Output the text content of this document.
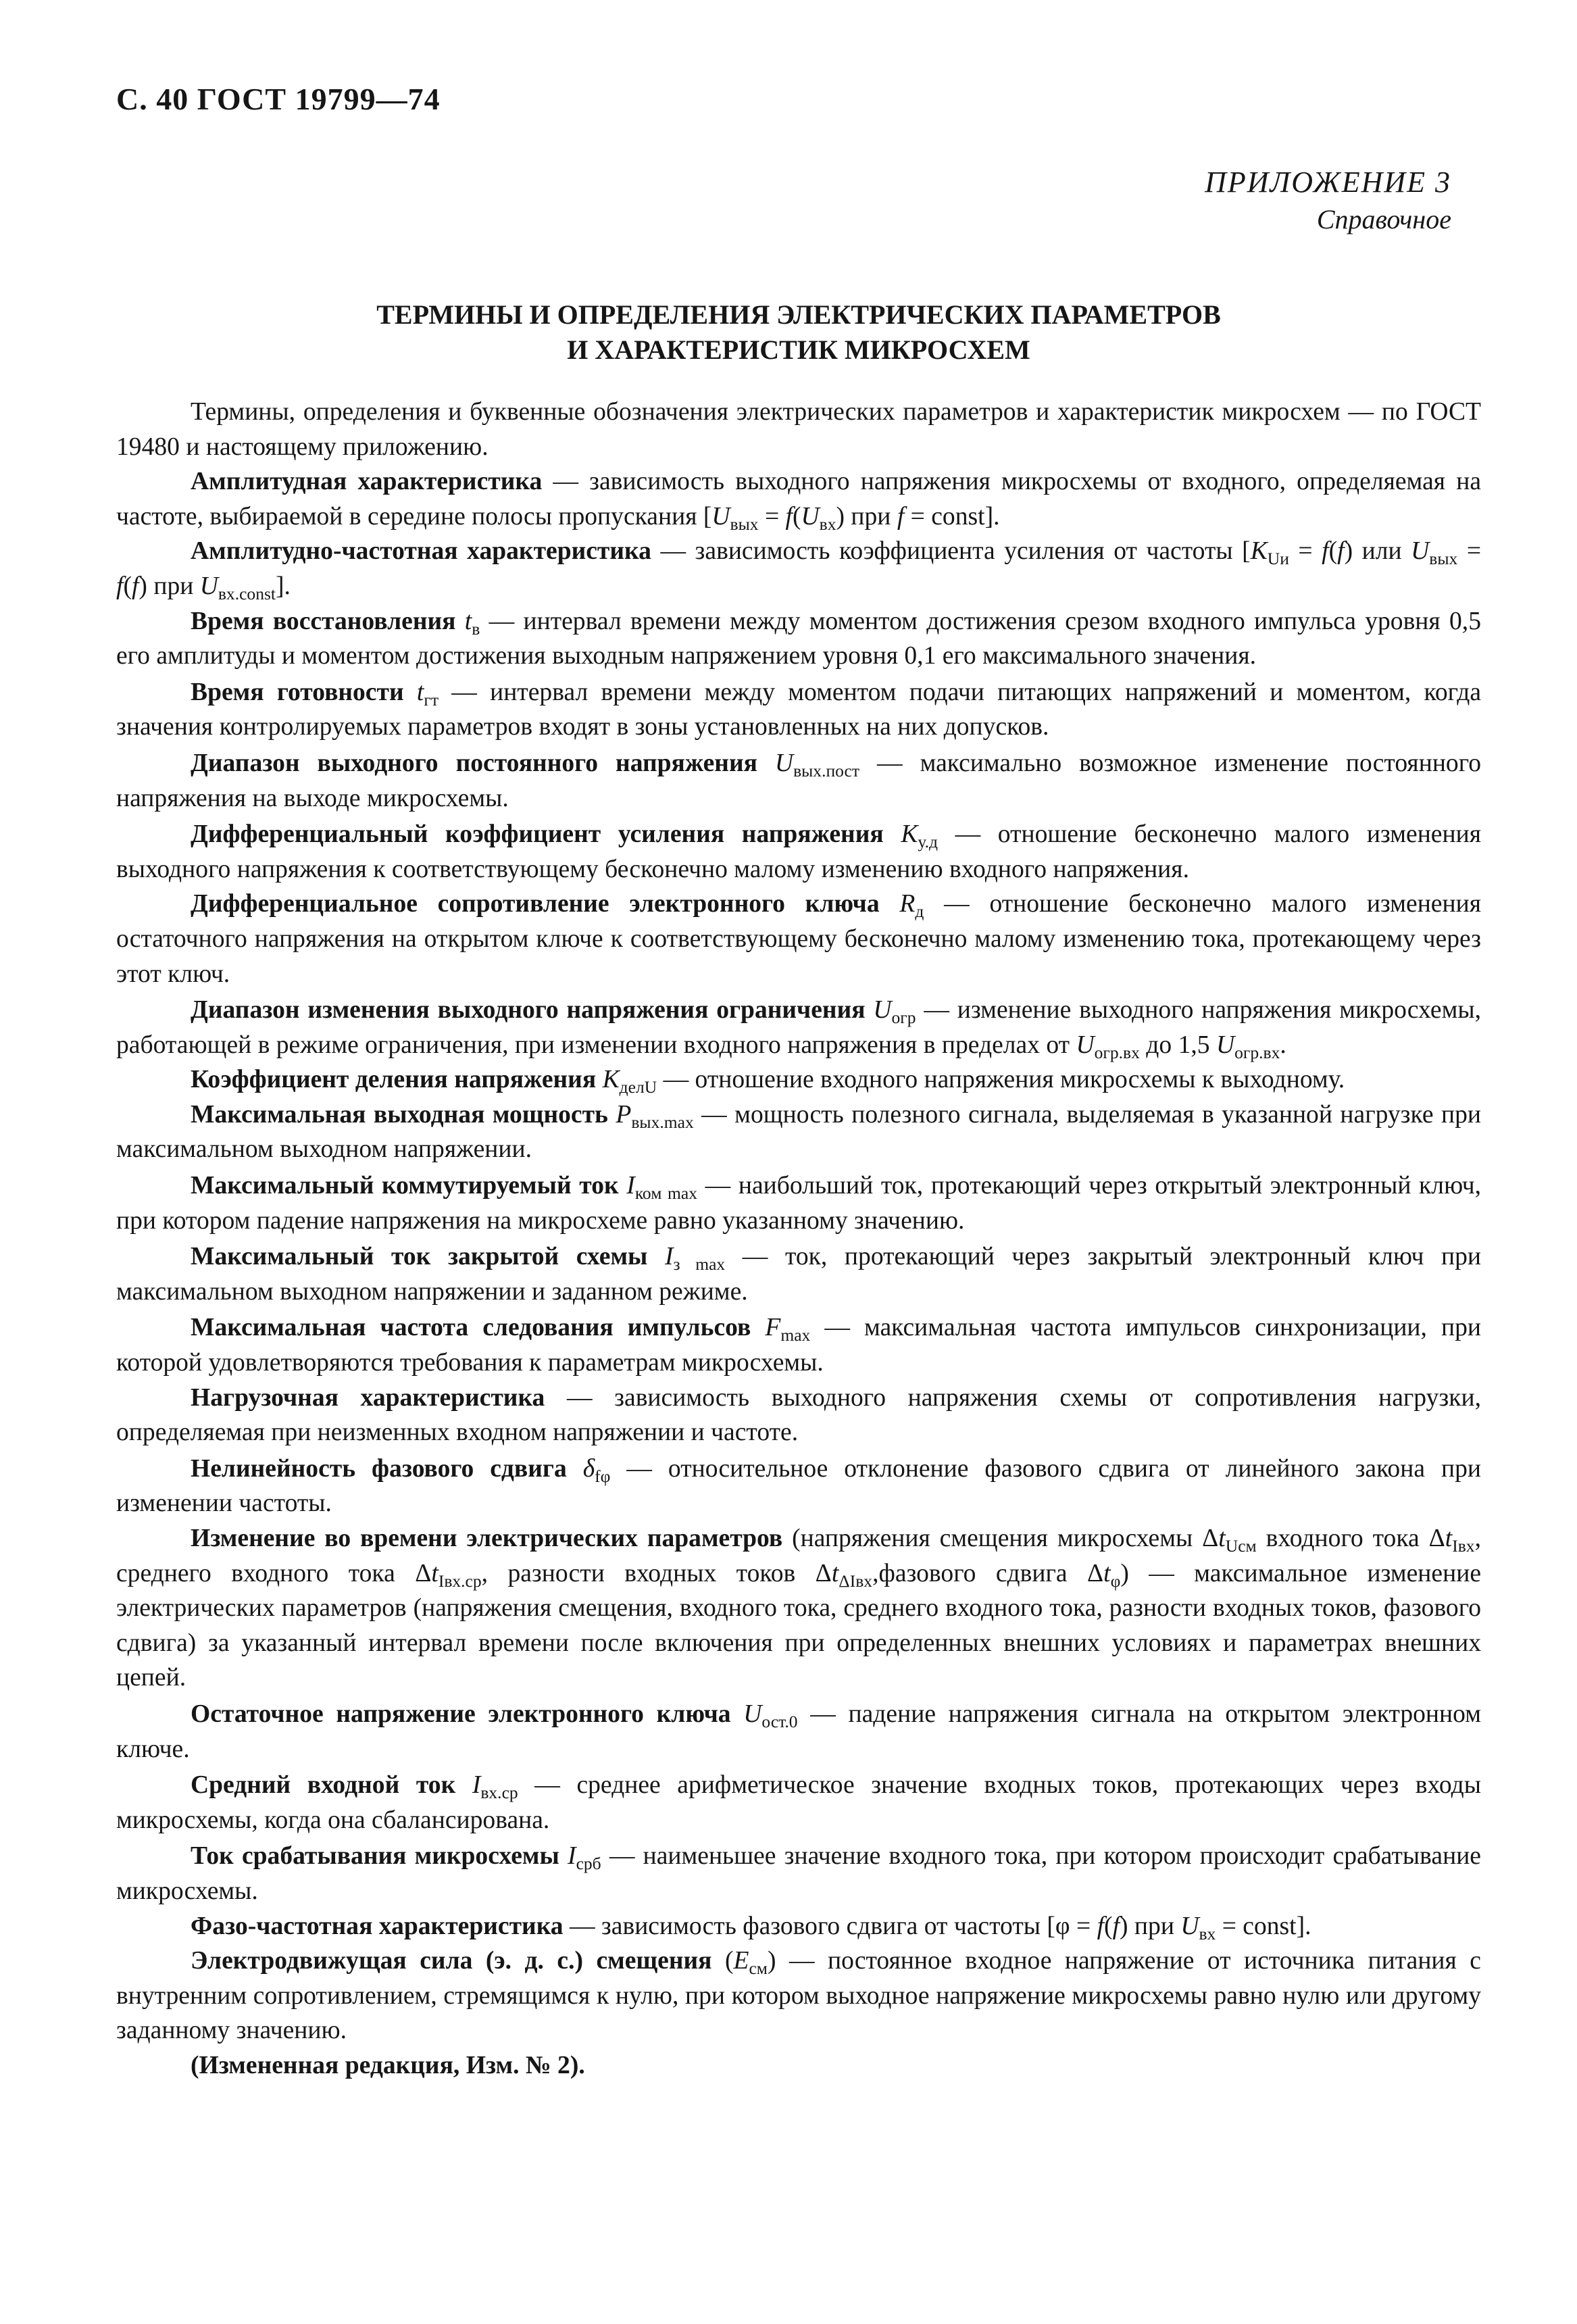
С. 40 ГОСТ 19799—74
ПРИЛОЖЕНИЕ 3
Справочное
ТЕРМИНЫ И ОПРЕДЕЛЕНИЯ ЭЛЕКТРИЧЕСКИХ ПАРАМЕТРОВ
И ХАРАКТЕРИСТИК МИКРОСХЕМ

Термины, определения и буквенные обозначения электрических параметров и характеристик микросхем — по ГОСТ 19480 и настоящему приложению.

Амплитудная характеристика — зависимость выходного напряжения микросхемы от входного, определяемая на частоте, выбираемой в середине полосы пропускания [$U_{вых} = f(U_{вх})$ при f = const].

Амплитудно-частотная характеристика — зависимость коэффициента усиления от частоты [$K_{Uи} = f(f)$ или $U_{вых} = f(f)$ при $U_{вх.const}$].

Время восстановления $t_в$ — интервал времени между моментом достижения срезом входного импульса уровня 0,5 его амплитуды и моментом достижения выходным напряжением уровня 0,1 его максимального значения.

Время готовности $t_{гт}$ — интервал времени между моментом подачи питающих напряжений и моментом, когда значения контролируемых параметров входят в зоны установленных на них допусков.

Диапазон выходного постоянного напряжения $U_{вых.пост}$ — максимально возможное изменение постоянного напряжения на выходе микросхемы.

Дифференциальный коэффициент усиления напряжения $K_{у.д}$ — отношение бесконечно малого изменения выходного напряжения к соответствующему бесконечно малому изменению входного напряжения.

Дифференциальное сопротивление электронного ключа $R_д$ — отношение бесконечно малого изменения остаточного напряжения на открытом ключе к соответствующему бесконечно малому изменению тока, протекающему через этот ключ.

Диапазон изменения выходного напряжения ограничения $U_{огр}$ — изменение выходного напряжения микросхемы, работающей в режиме ограничения, при изменении входного напряжения в пределах от $U_{огр.вх}$ до 1,5 $U_{огр.вх}$.

Коэффициент деления напряжения $K_{делU}$ — отношение входного напряжения микросхемы к выходному.

Максимальная выходная мощность $P_{вых.max}$ — мощность полезного сигнала, выделяемая в указанной нагрузке при максимальном выходном напряжении.

Максимальный коммутируемый ток $I_{ком max}$ — наибольший ток, протекающий через открытый электронный ключ, при котором падение напряжения на микросхеме равно указанному значению.

Максимальный ток закрытой схемы $I_{з max}$ — ток, протекающий через закрытый электронный ключ при максимальном выходном напряжении и заданном режиме.

Максимальная частота следования импульсов $F_{max}$ — максимальная частота импульсов синхронизации, при которой удовлетворяются требования к параметрам микросхемы.

Нагрузочная характеристика — зависимость выходного напряжения схемы от сопротивления нагрузки, определяемая при неизменных входном напряжении и частоте.

Нелинейность фазового сдвига $\delta_{f\varphi}$ — относительное отклонение фазового сдвига от линейного закона при изменении частоты.

Изменение во времени электрических параметров (напряжения смещения микросхемы $\Delta t_{Uсм}$ входного тока $\Delta t_{Iвх}$, среднего входного тока $\Delta t_{Iвх.ср}$, разности входных токов $\Delta t_{\Delta Iвх},фазового$ сдвига $\Delta t_\varphi$) — максимальное изменение электрических параметров (напряжения смещения, входного тока, среднего входного тока, разности входных токов, фазового сдвига) за указанный интервал времени после включения при определенных внешних условиях и параметрах внешних цепей.

Остаточное напряжение электронного ключа $U_{ост.0}$ — падение напряжения сигнала на открытом электронном ключе.

Средний входной ток $I_{вх.ср}$ — среднее арифметическое значение входных токов, протекающих через входы микросхемы, когда она сбалансирована.

Ток срабатывания микросхемы $I_{срб}$ — наименьшее значение входного тока, при котором происходит срабатывание микросхемы.

Фазо-частотная характеристика — зависимость фазового сдвига от частоты [φ = f(f) при $U_{вх}$ = const].

Электродвижущая сила (э. д. с.) смещения $(E_{см})$ — постоянное входное напряжение от источника питания с внутренним сопротивлением, стремящимся к нулю, при котором выходное напряжение микросхемы равно нулю или другому заданному значению.

(Измененная редакция, Изм. № 2).
